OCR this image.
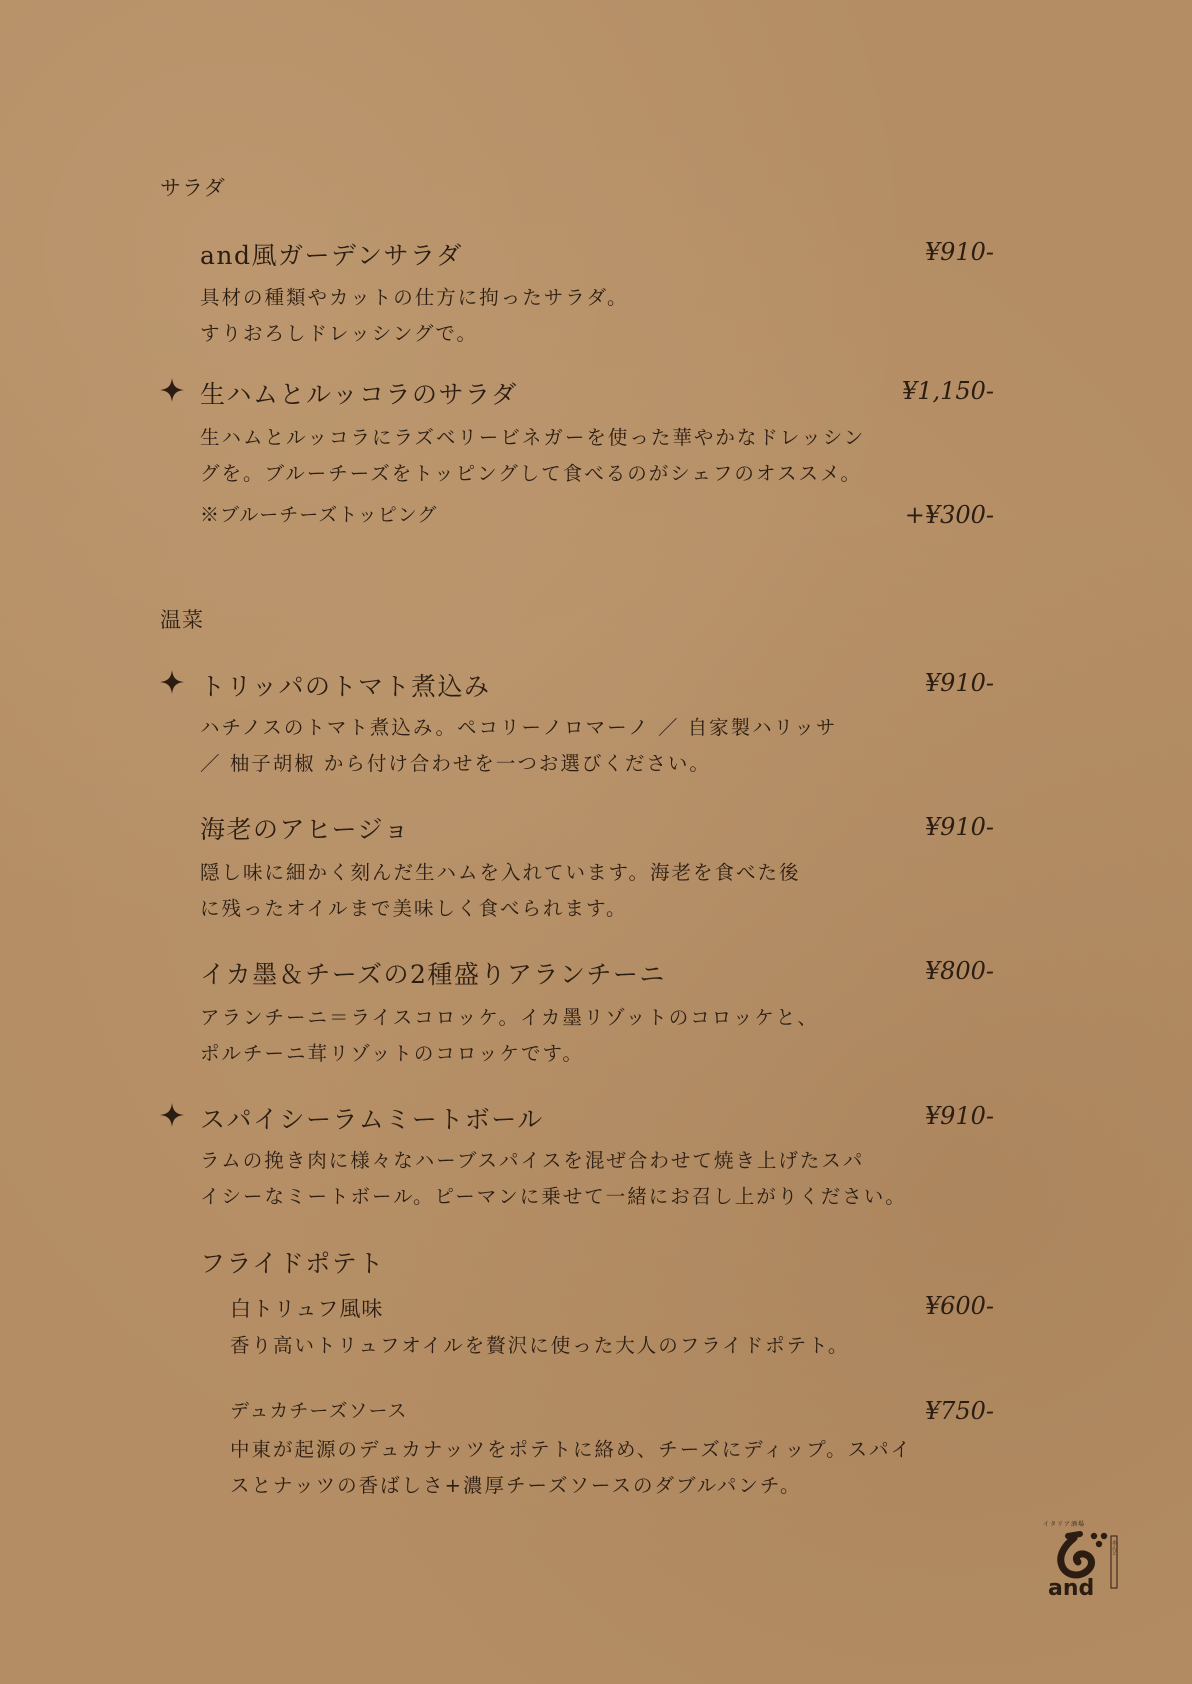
サラダ
and風ガーデンサラダ	¥910-
具材の種類やカットの仕方に拘ったサラダ。
すりおろしドレッシングで。
生ハムとルッコラのサラダ	¥1,150-
生ハムとルッコラにラズベリービネガーを使った華やかなドレッシン
グを。ブルーチーズをトッピングして食べるのがシェフのオススメ。
※ブルーチーズトッピング	+¥300-
温菜
トリッパのトマト煮込み	¥910-
ハチノスのトマト煮込み。ペコリーノロマーノ ／ 自家製ハリッサ
／ 柚子胡椒 から付け合わせを一つお選びください。
海老のアヒージョ	¥910-
隠し味に細かく刻んだ生ハムを入れています。海老を食べた後
に残ったオイルまで美味しく食べられます。
イカ墨＆チーズの2種盛りアランチーニ	¥800-
アランチーニ＝ライスコロッケ。イカ墨リゾットのコロッケと、
ポルチーニ茸リゾットのコロッケです。
スパイシーラムミートボール	¥910-
ラムの挽き肉に様々なハーブスパイスを混ぜ合わせて焼き上げたスパ
イシーなミートボール。ピーマンに乗せて一緒にお召し上がりください。
フライドポテト
白トリュフ風味	¥600-
香り高いトリュフオイルを贅沢に使った大人のフライドポテト。
デュカチーズソース	¥750-
中東が起源のデュカナッツをポテトに絡め、チーズにディップ。スパイ
スとナッツの香ばしさ+濃厚チーズソースのダブルパンチ。
イタリア酒場
and
あんど
